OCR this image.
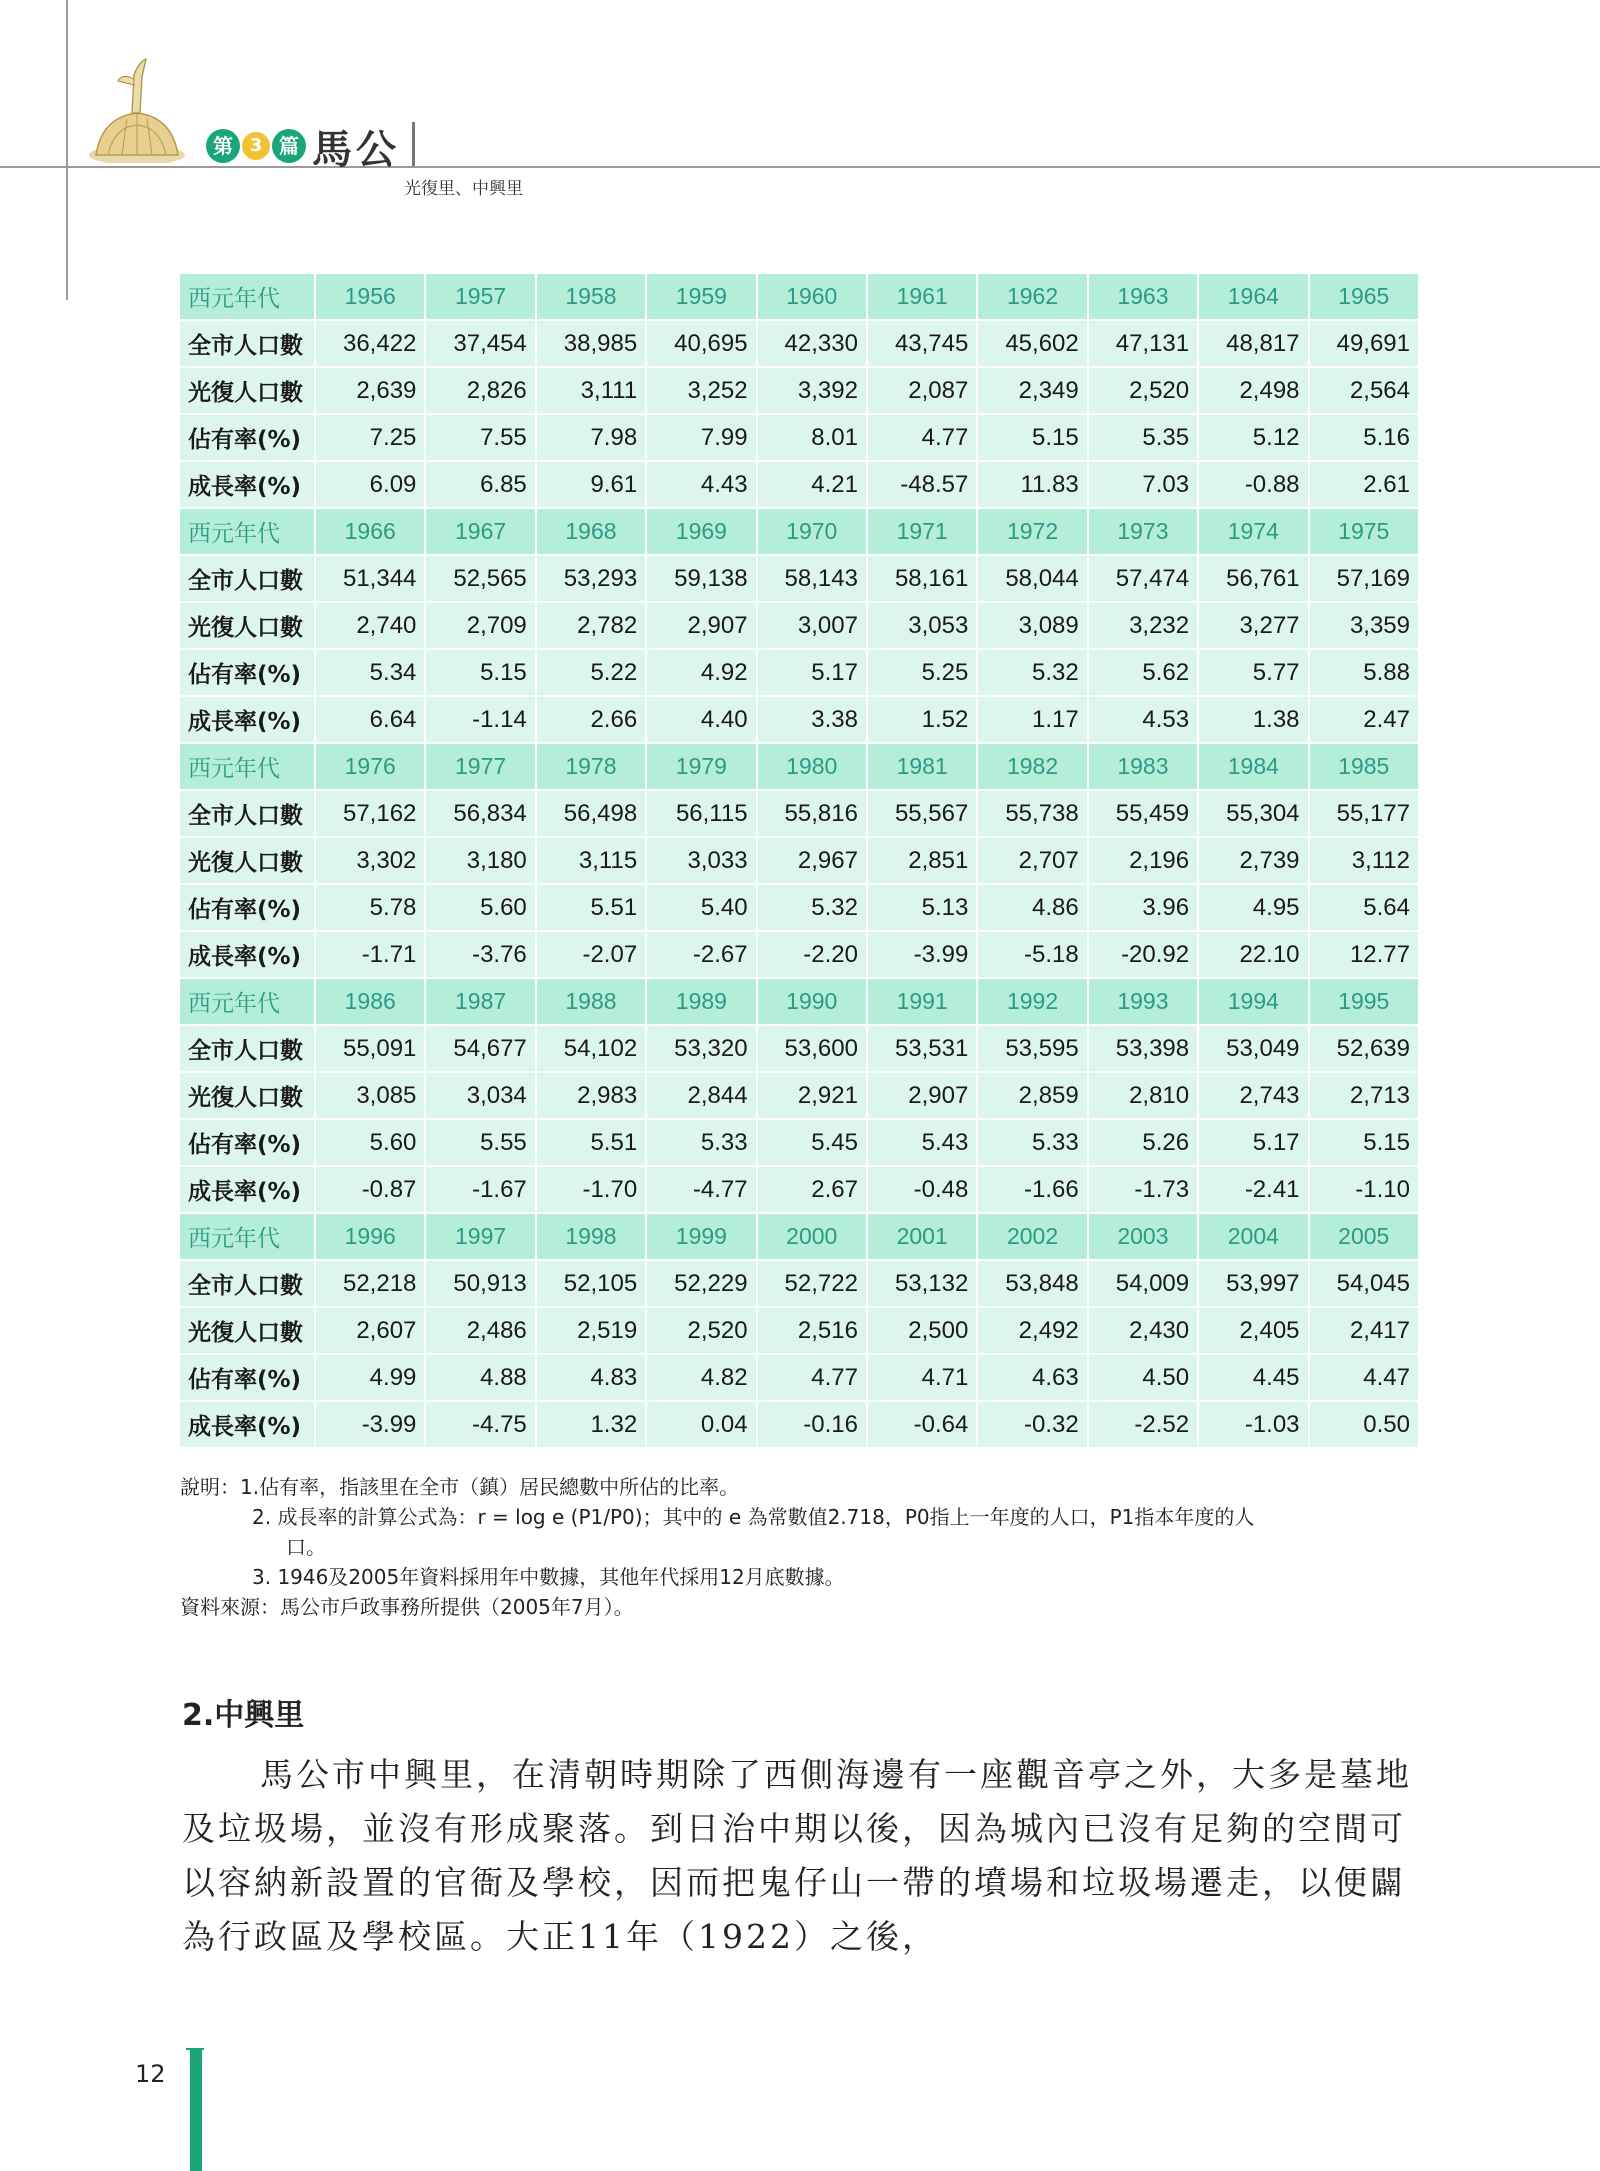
第 3 篇 馬公
光復里、中興里
西元年代	1956	1957	1958	1959	1960	1961	1962	1963	1964	1965
全市人口數	36,422	37,454	38,985	40,695	42,330	43,745	45,602	47,131	48,817	49,691
光復人口數	2,639	2,826	3,111	3,252	3,392	2,087	2,349	2,520	2,498	2,564
佔有率(%)	7.25	7.55	7.98	7.99	8.01	4.77	5.15	5.35	5.12	5.16
成長率(%)	6.09	6.85	9.61	4.43	4.21	-48.57	11.83	7.03	-0.88	2.61
西元年代	1966	1967	1968	1969	1970	1971	1972	1973	1974	1975
全市人口數	51,344	52,565	53,293	59,138	58,143	58,161	58,044	57,474	56,761	57,169
光復人口數	2,740	2,709	2,782	2,907	3,007	3,053	3,089	3,232	3,277	3,359
佔有率(%)	5.34	5.15	5.22	4.92	5.17	5.25	5.32	5.62	5.77	5.88
成長率(%)	6.64	-1.14	2.66	4.40	3.38	1.52	1.17	4.53	1.38	2.47
西元年代	1976	1977	1978	1979	1980	1981	1982	1983	1984	1985
全市人口數	57,162	56,834	56,498	56,115	55,816	55,567	55,738	55,459	55,304	55,177
光復人口數	3,302	3,180	3,115	3,033	2,967	2,851	2,707	2,196	2,739	3,112
佔有率(%)	5.78	5.60	5.51	5.40	5.32	5.13	4.86	3.96	4.95	5.64
成長率(%)	-1.71	-3.76	-2.07	-2.67	-2.20	-3.99	-5.18	-20.92	22.10	12.77
西元年代	1986	1987	1988	1989	1990	1991	1992	1993	1994	1995
全市人口數	55,091	54,677	54,102	53,320	53,600	53,531	53,595	53,398	53,049	52,639
光復人口數	3,085	3,034	2,983	2,844	2,921	2,907	2,859	2,810	2,743	2,713
佔有率(%)	5.60	5.55	5.51	5.33	5.45	5.43	5.33	5.26	5.17	5.15
成長率(%)	-0.87	-1.67	-1.70	-4.77	2.67	-0.48	-1.66	-1.73	-2.41	-1.10
西元年代	1996	1997	1998	1999	2000	2001	2002	2003	2004	2005
全市人口數	52,218	50,913	52,105	52,229	52,722	53,132	53,848	54,009	53,997	54,045
光復人口數	2,607	2,486	2,519	2,520	2,516	2,500	2,492	2,430	2,405	2,417
佔有率(%)	4.99	4.88	4.83	4.82	4.77	4.71	4.63	4.50	4.45	4.47
成長率(%)	-3.99	-4.75	1.32	0.04	-0.16	-0.64	-0.32	-2.52	-1.03	0.50
說明：1.佔有率，指該里在全市（鎮）居民總數中所佔的比率。
2. 成長率的計算公式為：r = log e (P1/P0)；其中的 e 為常數值2.718，P0指上一年度的人口，P1指本年度的人
口。
3. 1946及2005年資料採用年中數據，其他年代採用12月底數據。
資料來源：馬公市戶政事務所提供（2005年7月）。
2.中興里

馬公市中興里，在清朝時期除了西側海邊有一座觀音亭之外，大多是墓地及垃圾場，並沒有形成聚落。到日治中期以後，因為城內已沒有足夠的空間可以容納新設置的官衙及學校，因而把鬼仔山一帶的墳場和垃圾場遷走，以便闢為行政區及學校區。大正11年（1922）之後，

12
